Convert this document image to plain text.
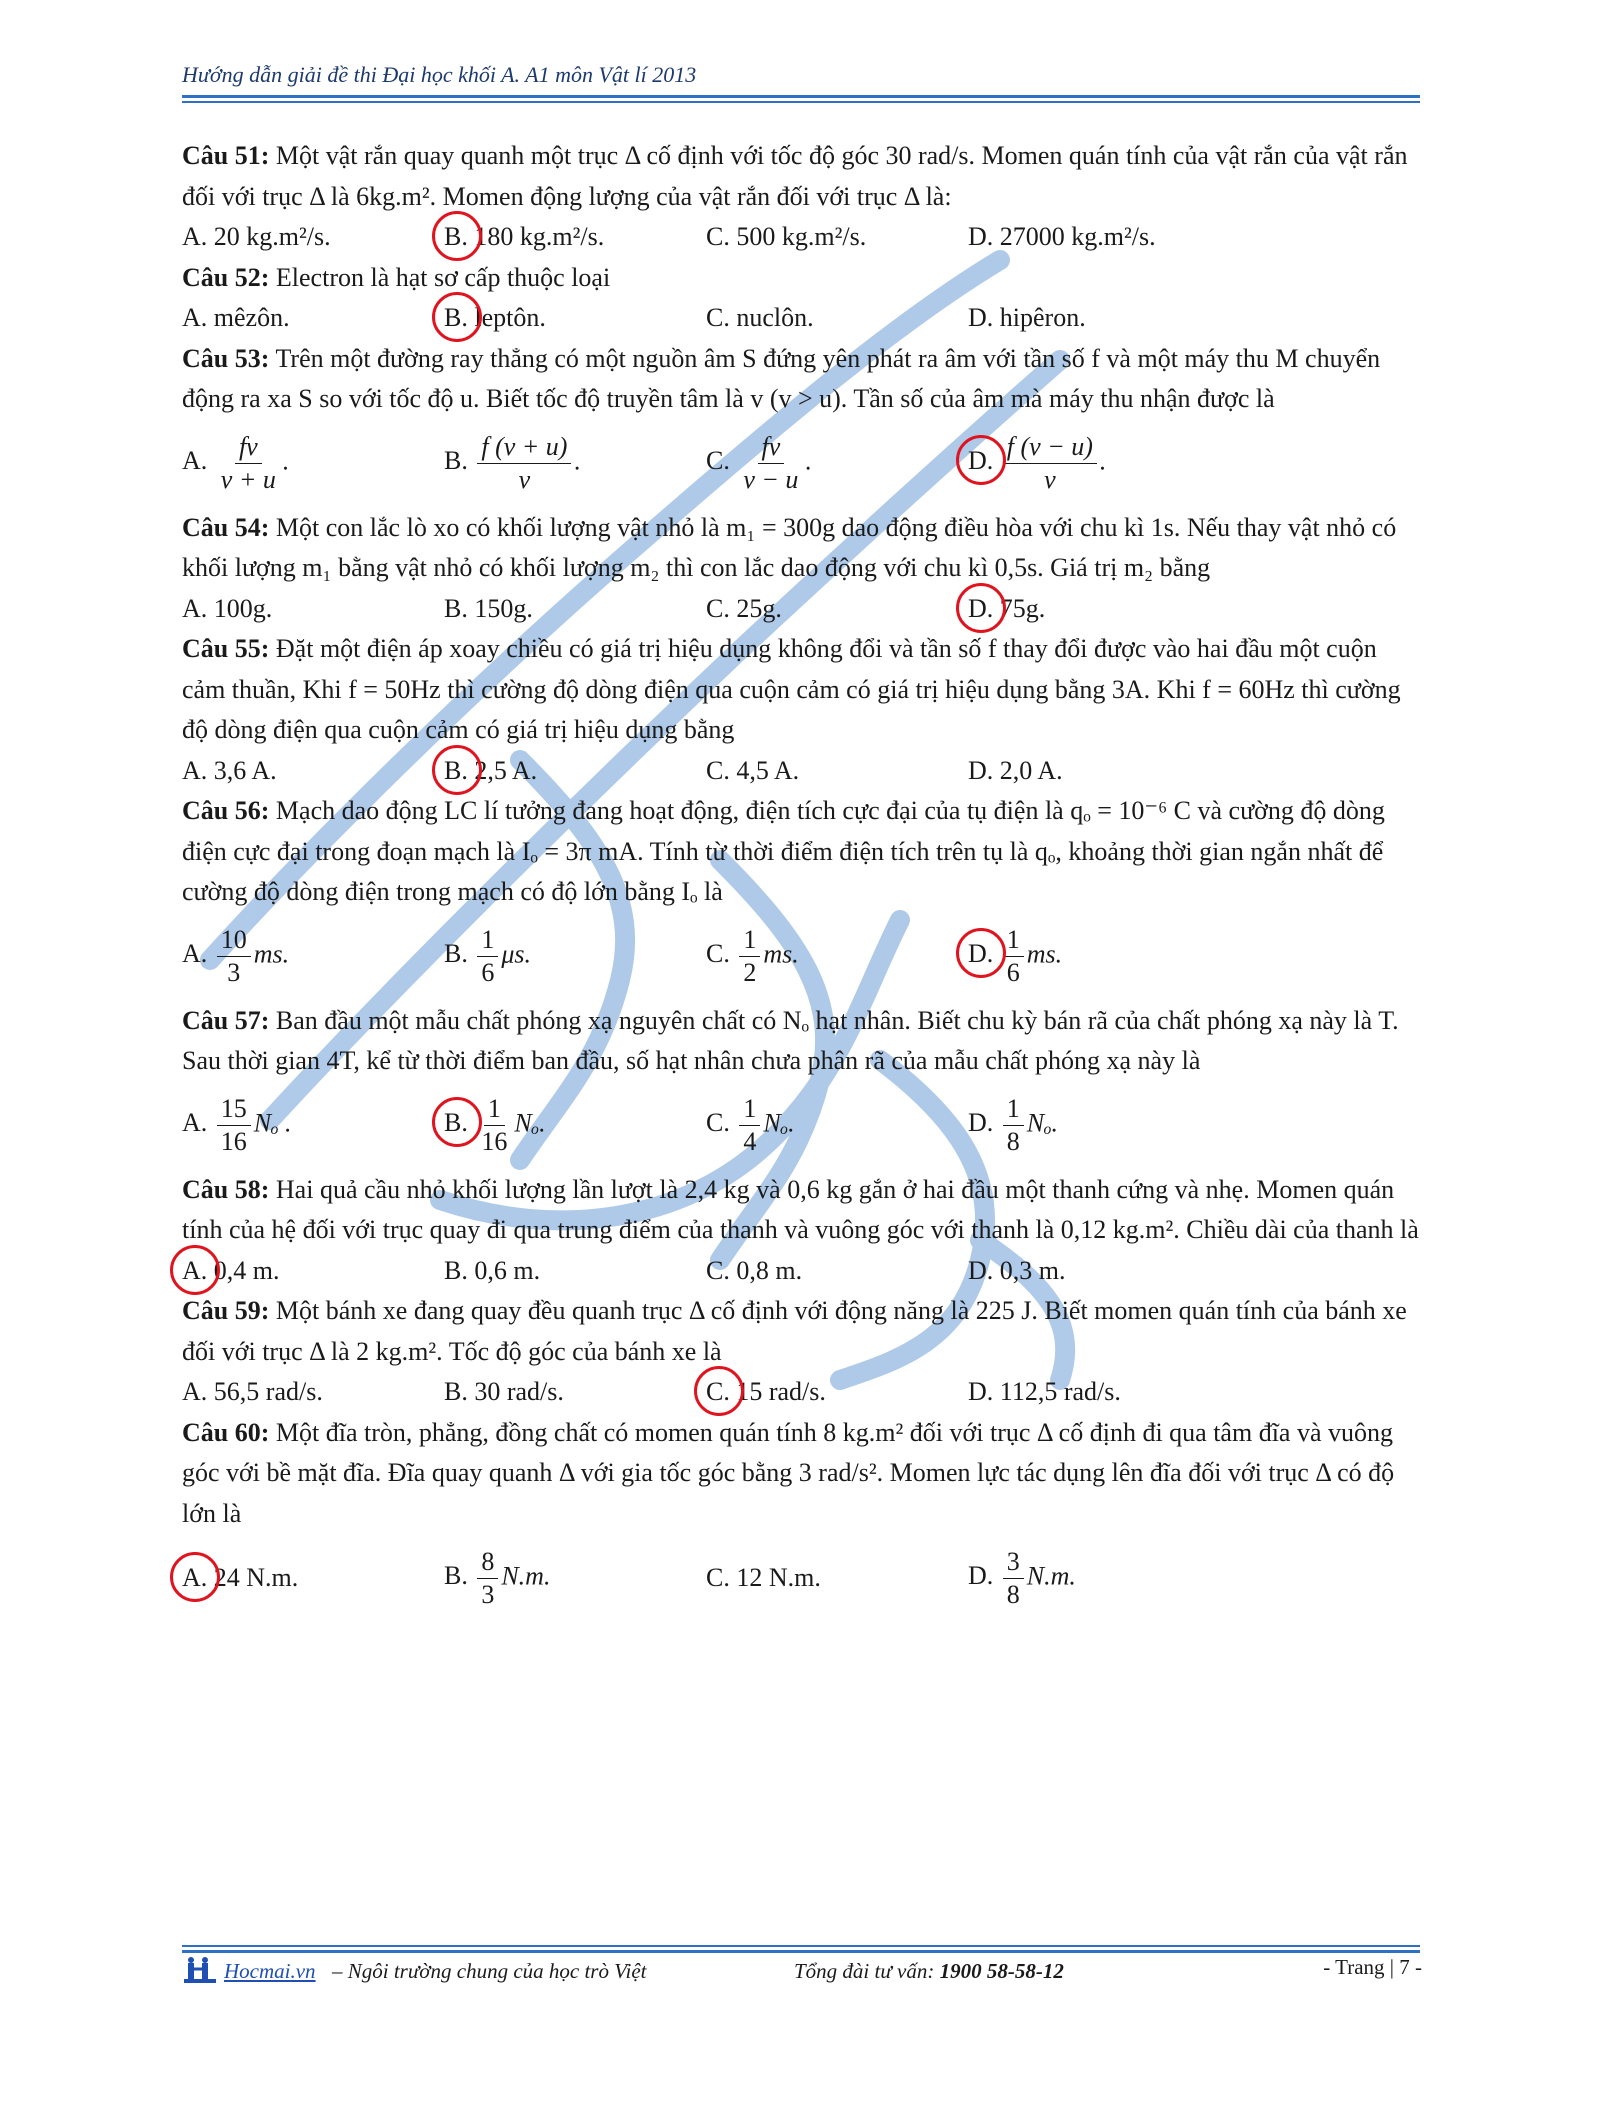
Hướng dẫn giải đề thi Đại học khối A. A1 môn Vật lí 2013

Câu 51: Một vật rắn quay quanh một trục Δ cố định với tốc độ góc 30 rad/s. Momen quán tính của vật rắn của vật rắn đối với trục Δ là 6kg.m². Momen động lượng của vật rắn đối với trục Δ là:

A. 20 kg.m²/s.	B. 180 kg.m²/s.	C. 500 kg.m²/s.	D. 27000 kg.m²/s.

Câu 52: Electron là hạt sơ cấp thuộc loại

A. mêzôn.	B. leptôn.	C. nuclôn.	D. hipêron.

Câu 53: Trên một đường ray thẳng có một nguồn âm S đứng yên phát ra âm với tần số f và một máy thu M chuyển động ra xa S so với tốc độ u. Biết tốc độ truyền tâm là v (v > u). Tần số của âm mà máy thu nhận được là

A. $\frac{fv}{v + u}$ .	B. $\frac{f (v + u)}{v}$ .	C. $\frac{fv}{v - u}$ .	D. $\frac{f (v - u)}{v}$ .

Câu 54: Một con lắc lò xo có khối lượng vật nhỏ là m₁ = 300g dao động điều hòa với chu kì 1s. Nếu thay vật nhỏ có khối lượng m₁ bằng vật nhỏ có khối lượng m₂ thì con lắc dao động với chu kì 0,5s. Giá trị m₂ bằng

A. 100g.	B. 150g.	C. 25g.	D. 75g.

Câu 55: Đặt một điện áp xoay chiều có giá trị hiệu dụng không đổi và tần số f thay đổi được vào hai đầu một cuộn cảm thuần, Khi f = 50Hz thì cường độ dòng điện qua cuộn cảm có giá trị hiệu dụng bằng 3A. Khi f = 60Hz thì cường độ dòng điện qua cuộn cảm có giá trị hiệu dụng bằng

A. 3,6 A.	B. 2,5 A.	C. 4,5 A.	D. 2,0 A.

Câu 56: Mạch dao động LC lí tưởng đang hoạt động, điện tích cực đại của tụ điện là qₒ = 10⁻⁶ C và cường độ dòng điện cực đại trong đoạn mạch là Iₒ = 3π mA. Tính từ thời điểm điện tích trên tụ là qₒ, khoảng thời gian ngắn nhất để cường độ dòng điện trong mạch có độ lớn bằng Iₒ là

A. $\frac{10}{3}$ ms.	B. $\frac{1}{6} \mu s$.	C. $\frac{1}{2}$ ms.	D. $\frac{1}{6}$ ms.

Câu 57: Ban đầu một mẫu chất phóng xạ nguyên chất có Nₒ hạt nhân. Biết chu kỳ bán rã của chất phóng xạ này là T. Sau thời gian 4T, kể từ thời điểm ban đầu, số hạt nhân chưa phân rã của mẫu chất phóng xạ này là

A. $\frac{15}{16}$ Nₒ .	B. $\frac{1}{16} N_o$.	C. $\frac{1}{4} N_o$.	D. $\frac{1}{8} N_o$.

Câu 58: Hai quả cầu nhỏ khối lượng lần lượt là 2,4 kg và 0,6 kg gắn ở hai đầu một thanh cứng và nhẹ. Momen quán tính của hệ đối với trục quay đi qua trung điểm của thanh và vuông góc với thanh là 0,12 kg.m². Chiều dài của thanh là

A. 0,4 m.	B. 0,6 m.	C. 0,8 m.	D. 0,3 m.

Câu 59: Một bánh xe đang quay đều quanh trục Δ cố định với động năng là 225 J. Biết momen quán tính của bánh xe đối với trục Δ là 2 kg.m². Tốc độ góc của bánh xe là

A. 56,5 rad/s.	B. 30 rad/s.	C. 15 rad/s.	D. 112,5 rad/s.

Câu 60: Một đĩa tròn, phẳng, đồng chất có momen quán tính 8 kg.m² đối với trục Δ cố định đi qua tâm đĩa và vuông góc với bề mặt đĩa. Đĩa quay quanh Δ với gia tốc góc bằng 3 rad/s². Momen lực tác dụng lên đĩa đối với trục Δ có độ lớn là

A. 24 N.m.	B. $\frac{8}{3} N.m$.	C. 12 N.m.	D. $\frac{3}{8} N.m$.
Hocmai.vn – Ngôi trường chung của học trò Việt	Tổng đài tư vấn: 1900 58-58-12	- Trang | 7 -
